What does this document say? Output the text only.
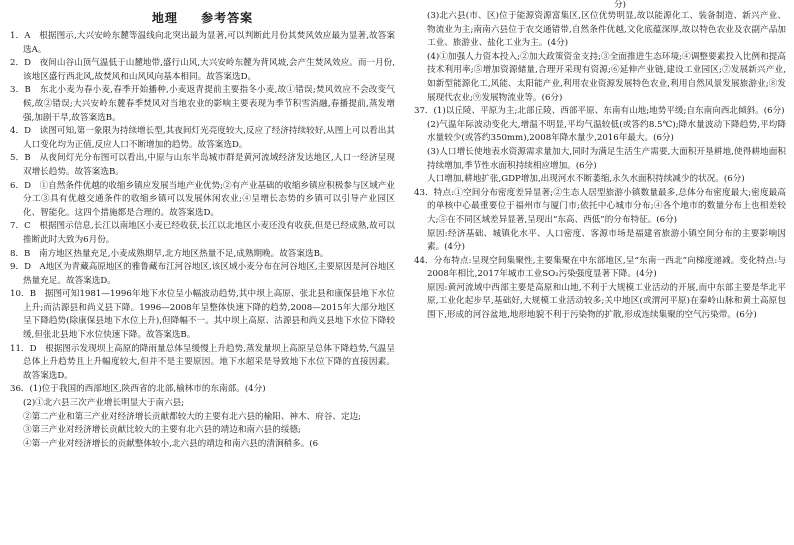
地理 参考答案

1．A　根据图示,大兴安岭东麓等温线向北突出最为显著,可以判断此月份其焚风效应最为显著,故答案选A。

2．D　夜间山谷山顶气温低于山麓地带,盛行山风,大兴安岭东麓为背风坡,会产生焚风效应。而一月份,该地区盛行西北风,故焚风和山风风向基本相同。故答案选D。

3．B　东北小麦为春小麦,春季开始播种,小麦返青提前主要指冬小麦,故①错误;焚风效应不会改变气候,故②错误;大兴安岭东麓春季焚风对当地农业的影响主要表现为季节积雪消融,春播提前,蒸发增强,加剧干旱,故答案选B。

4．D　读图可知,第一象限为持续增长型,其夜间灯光亮度较大,反应了经济持续较好,从图上可以看出其人口变化均为正值,反应人口不断增加的趋势。故答案选D。

5．B　从夜间灯光分布图可以看出,中原与山东半岛城市群是黄河流域经济发达地区,人口一经济呈现双增长趋势。故答案选B。

6．D　①自然条件优越的收缩乡镇应发展当地产业优势;②有产业基础的收缩乡镇应积极参与区域产业分工③具有优越交通条件的收缩乡镇可以发展休闲农业;④呈增长态势的乡镇可以引导产业园区化、智能化。这四个措施都是合理的。故答案选D。

7．C　根据图示信息,长江以南地区小麦已经收获,长江以北地区小麦还没有收获,但是已经成熟,故可以推断此时大致为6月份。

8．B　南方地区热量充足,小麦成熟期早,北方地区热量不足,成熟期晚。故答案选B。

9．D　A地区为青藏高原地区的雅鲁藏布江河谷地区,该区域小麦分布在河谷地区,主要原因是河谷地区热量充足。故答案选D。

10．B　据图可知1981—1996年地下水位呈小幅波动趋势,其中坝上高原、张北县和康保县地下水位上升;而沽源县和尚义县下降。1996—2008年呈整体快速下降的趋势,2008—2015年大部分地区呈下降趋势(除康保县地下水位上升),但降幅不一。其中坝上高原、沽源县和尚义县地下水位下降较缓,但张北县地下水位快速下降。故答案选B。

11．D　根据图示发现坝上高原的降雨量总体呈缓慢上升趋势,蒸发量坝上高原呈总体下降趋势,气温呈总体上升趋势且上升幅度较大,但并不是主要原因。地下水超采是导致地下水位下降的直接因素。故答案选D。

36．(1)位于我国的西部地区,陕西省的北部,榆林市的东南部。(4分)

(2)①北六县三次产业增长明显大于南六县;

②第二产业和第三产业对经济增长贡献都较大的主要有北六县的榆阳、神木、府谷、定边;

③第三产业对经济增长贡献比较大的主要有北六县的靖边和南六县的绥德;

④第一产业对经济增长的贡献整体较小,北六县的靖边和南六县的清涧稍多。(6

分)

(3)北六县(市、区)位于能源资源富集区,区位优势明显,故以能源化工、装备制造、新兴产业、物流业为主;南南六县位于农交通错带,自然条件优越,文化底蕴深厚,故以特色农业及农副产品加工业、旅游业、盐化工业为主。(4分)

(4)①加强人力资本投入;②加大政策资金支持;③全面推进生态环境;④调整要素投入比例和提高技术利用率;⑤增加资源储量,合理开采现有资源;⑥延伸产业链,建设工业园区;⑦发展新兴产业,如新型能源化工,风能、太阳能产业,利用农业资源发展特色农业,利用自然风景发展旅游业;⑧发展现代农业;⑨发展物流业等。(6分)

37．(1)以丘陵、平原为主;北部丘陵、西部平原、东南有山地;地势平缓;自东南向西北倾斜。(6分)

(2)气温年际波动变化大,增温不明显,平均气温较低(或答约8.5℃);降水量波动下降趋势,平均降水量较少(或答约350mm),2008年降水量少,2016年最大。(6分)

(3)人口增长使地表水资源需求量加大,同时为满足生活生产需要,大面积开垦耕地,使得耕地面积持续增加,季节性水面积持续相应增加。(6分)

人口增加,耕地扩张,GDP增加,出现河水不断萎缩,永久水面积持续减少的状况。(6分)

43．特点:①空间分布密度差异显著;②生态人居型旅游小镇数量最多,总体分布密度最大;密度最高的单核中心最重要位于福州市与厦门市;依托中心城市分布;④各个地市的数量分布上也相差较大;⑤在不同区域差异显著,呈现出“东高、西低”的分布特征。(6分)

原因:经济基础、城镇化水平、人口密度、客源市场是福建省旅游小镇空间分布的主要影响因素。(4分)

44．分布特点:呈现空间集聚性,主要集聚在中东部地区,呈“东南一西北”向梯度递减。变化特点:与2008年相比,2017年城市工业SO₂污染强度显著下降。(4分)

原因:黄河流域中西部主要是高原和山地,不利于大规模工业活动的开展,而中东部主要是华北平原,工业化起步早,基础好,大规模工业活动较多;关中地区(或渭河平原)在秦岭山脉和黄土高原包围下,形成的河谷盆地,地形地貌不利于污染物的扩散,形成连续集聚的空气污染带。(6分)
